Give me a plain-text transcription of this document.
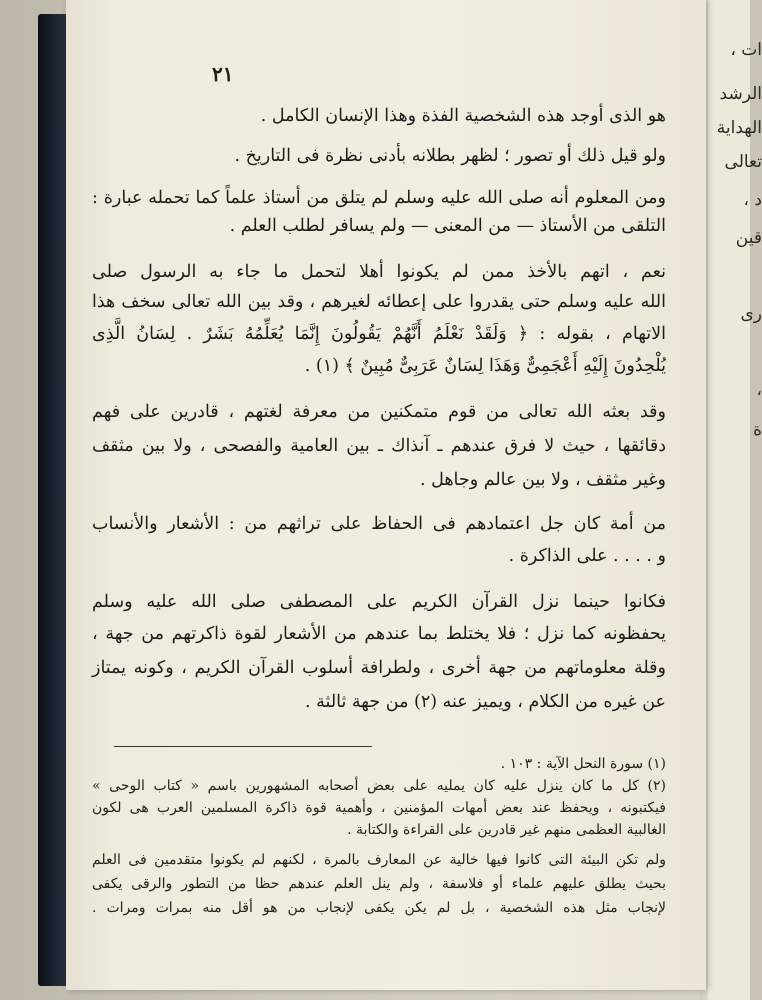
ات ،
الرشد
الهداية
تعالى
د ،
قين
رى
،
ة
٢١
هو الذى أوجد هذه الشخصية الفذة وهذا الإنسان الكامل .
ولو قيل ذلك أو تصور ؛ لظهر بطلانه بأدنى نظرة فى التاريخ .
ومن المعلوم أنه صلى الله عليه وسلم لم يتلق من أستاذ علماً كما تحمله عبارة :
التلقى من الأستاذ — من المعنى — ولم يسافر لطلب العلم .
نعم ، اتهم بالأخذ ممن لم يكونوا أهلا لتحمل ما جاء به الرسول صلى
الله عليه وسلم حتى يقدروا على إعطائه لغيرهم ، وقد بين الله تعالى سخف هذا
الاتهام ، بقوله : ﴿ وَلَقَدْ نَعْلَمُ أَنَّهُمْ يَقُولُونَ إِنَّمَا يُعَلِّمُهُ بَشَرٌ . لِسَانُ الَّذِى
يُلْحِدُونَ إِلَيْهِ أَعْجَمِىٌّ وَهَذَا لِسَانٌ عَرَبِىٌّ مُبِينٌ ﴾ (١) .
وقد بعثه الله تعالى من قوم متمكنين من معرفة لغتهم ، قادرين على فهم
دقائقها ، حيث لا فرق عندهم ـ آنذاك ـ بين العامية والفصحى ، ولا بين مثقف
وغير مثقف ، ولا بين عالم وجاهل .
من أمة كان جل اعتمادهم فى الحفاظ على تراثهم من : الأشعار والأنساب
و . . . . على الذاكرة .
فكانوا حينما نزل القرآن الكريم على المصطفى صلى الله عليه وسلم
يحفظونه كما نزل ؛ فلا يختلط بما عندهم من الأشعار لقوة ذاكرتهم من جهة ،
وقلة معلوماتهم من جهة أخرى ، ولطرافة أسلوب القرآن الكريم ، وكونه يمتاز
عن غيره من الكلام ، ويميز عنه (٢) من جهة ثالثة .
(١) سورة النحل الآية : ١٠٣ .
(٢) كل ما كان ينزل عليه كان يمليه على بعض أصحابه المشهورين باسم « كتاب الوحى »
فيكتبونه ، ويحفظ عند بعض أمهات المؤمنين ، وأهمية قوة ذاكرة المسلمين العرب هى لكون
الغالبية العظمى منهم غير قادرين على القراءة والكتابة .
ولم تكن البيئة التى كانوا فيها خالية عن المعارف بالمرة ، لكنهم لم يكونوا متقدمين فى العلم
بحيث يطلق عليهم علماء أو فلاسفة ، ولم ينل العلم عندهم حظا من التطور والرقى يكفى
لإنجاب مثل هذه الشخصية ، بل لم يكن يكفى لإنجاب من هو أقل منه بمرات ومرات .
